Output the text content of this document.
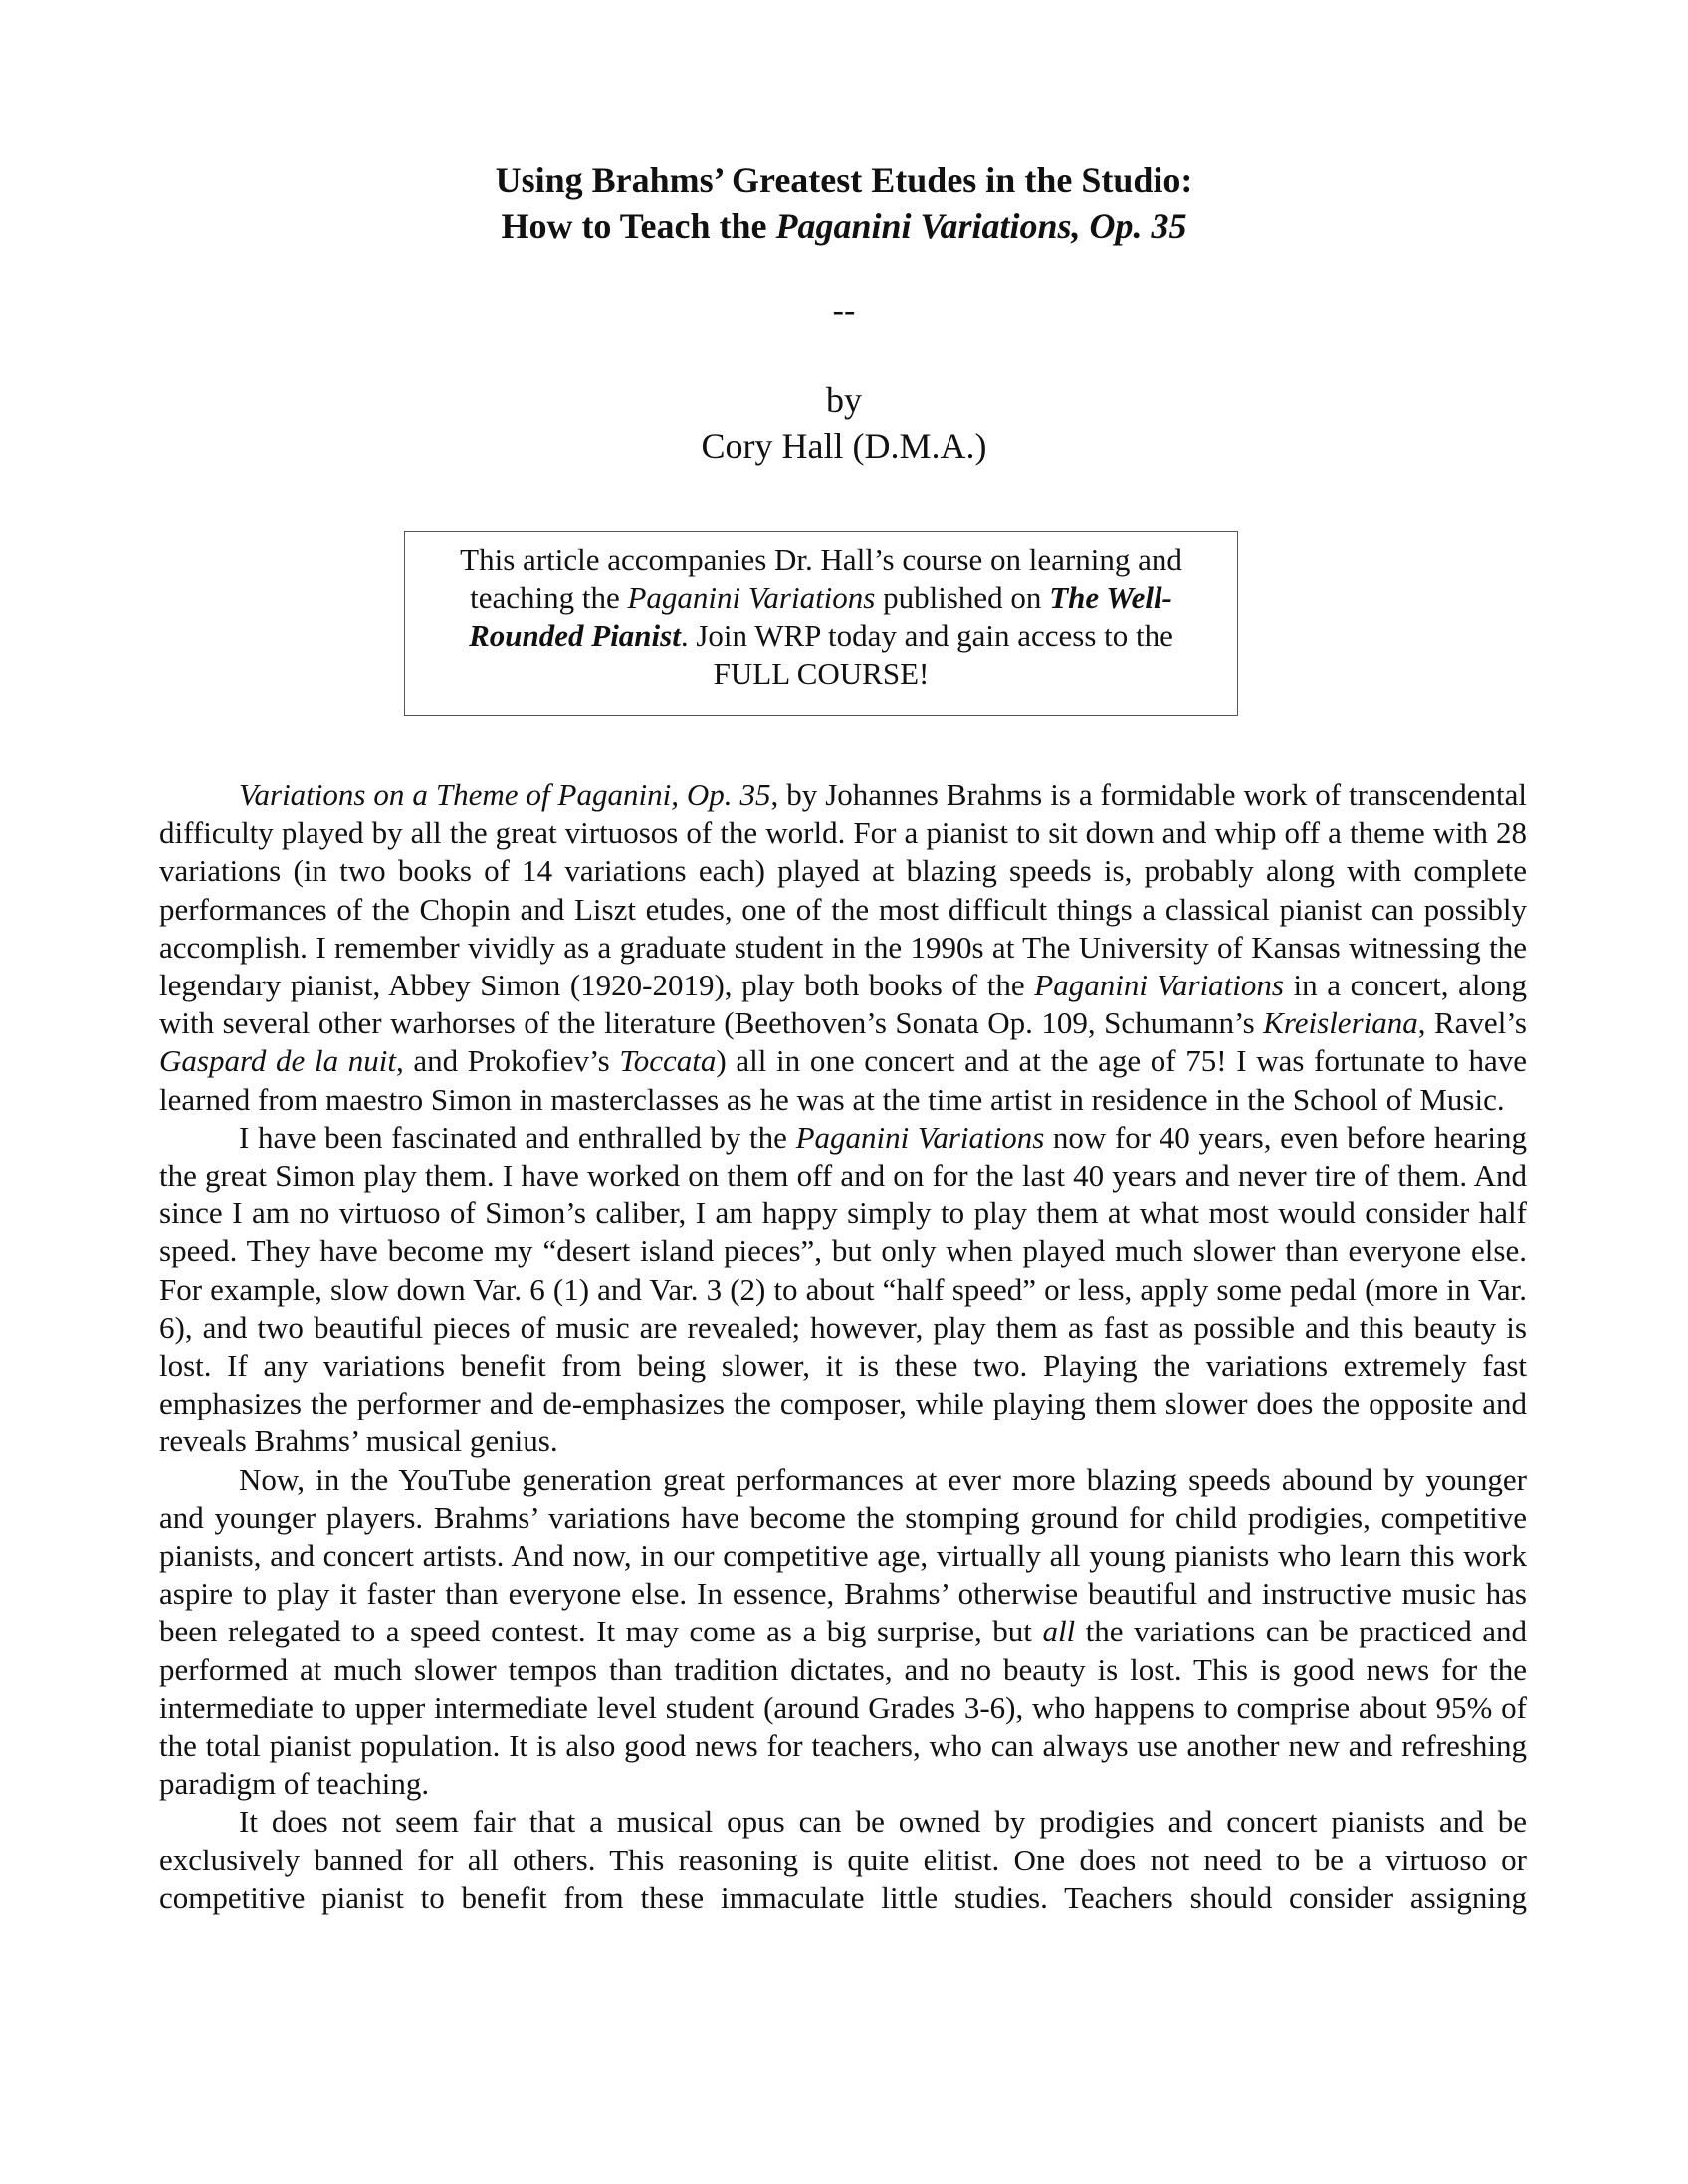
Using Brahms’ Greatest Etudes in the Studio:
How to Teach the Paganini Variations, Op. 35
--
by
Cory Hall (D.M.A.)
This article accompanies Dr. Hall’s course on learning and teaching the Paganini Variations published on The Well-Rounded Pianist. Join WRP today and gain access to the FULL COURSE!

Variations on a Theme of Paganini, Op. 35, by Johannes Brahms is a formidable work of transcendental difficulty played by all the great virtuosos of the world. For a pianist to sit down and whip off a theme with 28 variations (in two books of 14 variations each) played at blazing speeds is, probably along with complete performances of the Chopin and Liszt etudes, one of the most difficult things a classical pianist can possibly accomplish. I remember vividly as a graduate student in the 1990s at The University of Kansas witnessing the legendary pianist, Abbey Simon (1920-2019), play both books of the Paganini Variations in a concert, along with several other warhorses of the literature (Beethoven’s Sonata Op. 109, Schumann’s Kreisleriana, Ravel’s Gaspard de la nuit, and Prokofiev’s Toccata) all in one concert and at the age of 75! I was fortunate to have learned from maestro Simon in masterclasses as he was at the time artist in residence in the School of Music.

I have been fascinated and enthralled by the Paganini Variations now for 40 years, even before hearing the great Simon play them. I have worked on them off and on for the last 40 years and never tire of them. And since I am no virtuoso of Simon’s caliber, I am happy simply to play them at what most would consider half speed. They have become my “desert island pieces”, but only when played much slower than everyone else. For example, slow down Var. 6 (1) and Var. 3 (2) to about “half speed” or less, apply some pedal (more in Var. 6), and two beautiful pieces of music are revealed; however, play them as fast as possible and this beauty is lost. If any variations benefit from being slower, it is these two. Playing the variations extremely fast emphasizes the performer and de-emphasizes the composer, while playing them slower does the opposite and reveals Brahms’ musical genius.

Now, in the YouTube generation great performances at ever more blazing speeds abound by younger and younger players. Brahms’ variations have become the stomping ground for child prodigies, competitive pianists, and concert artists. And now, in our competitive age, virtually all young pianists who learn this work aspire to play it faster than everyone else. In essence, Brahms’ otherwise beautiful and instructive music has been relegated to a speed contest. It may come as a big surprise, but all the variations can be practiced and performed at much slower tempos than tradition dictates, and no beauty is lost. This is good news for the intermediate to upper intermediate level student (around Grades 3-6), who happens to comprise about 95% of the total pianist population. It is also good news for teachers, who can always use another new and refreshing paradigm of teaching.

It does not seem fair that a musical opus can be owned by prodigies and concert pianists and be exclusively banned for all others. This reasoning is quite elitist. One does not need to be a virtuoso or competitive pianist to benefit from these immaculate little studies. Teachers should consider assigning
